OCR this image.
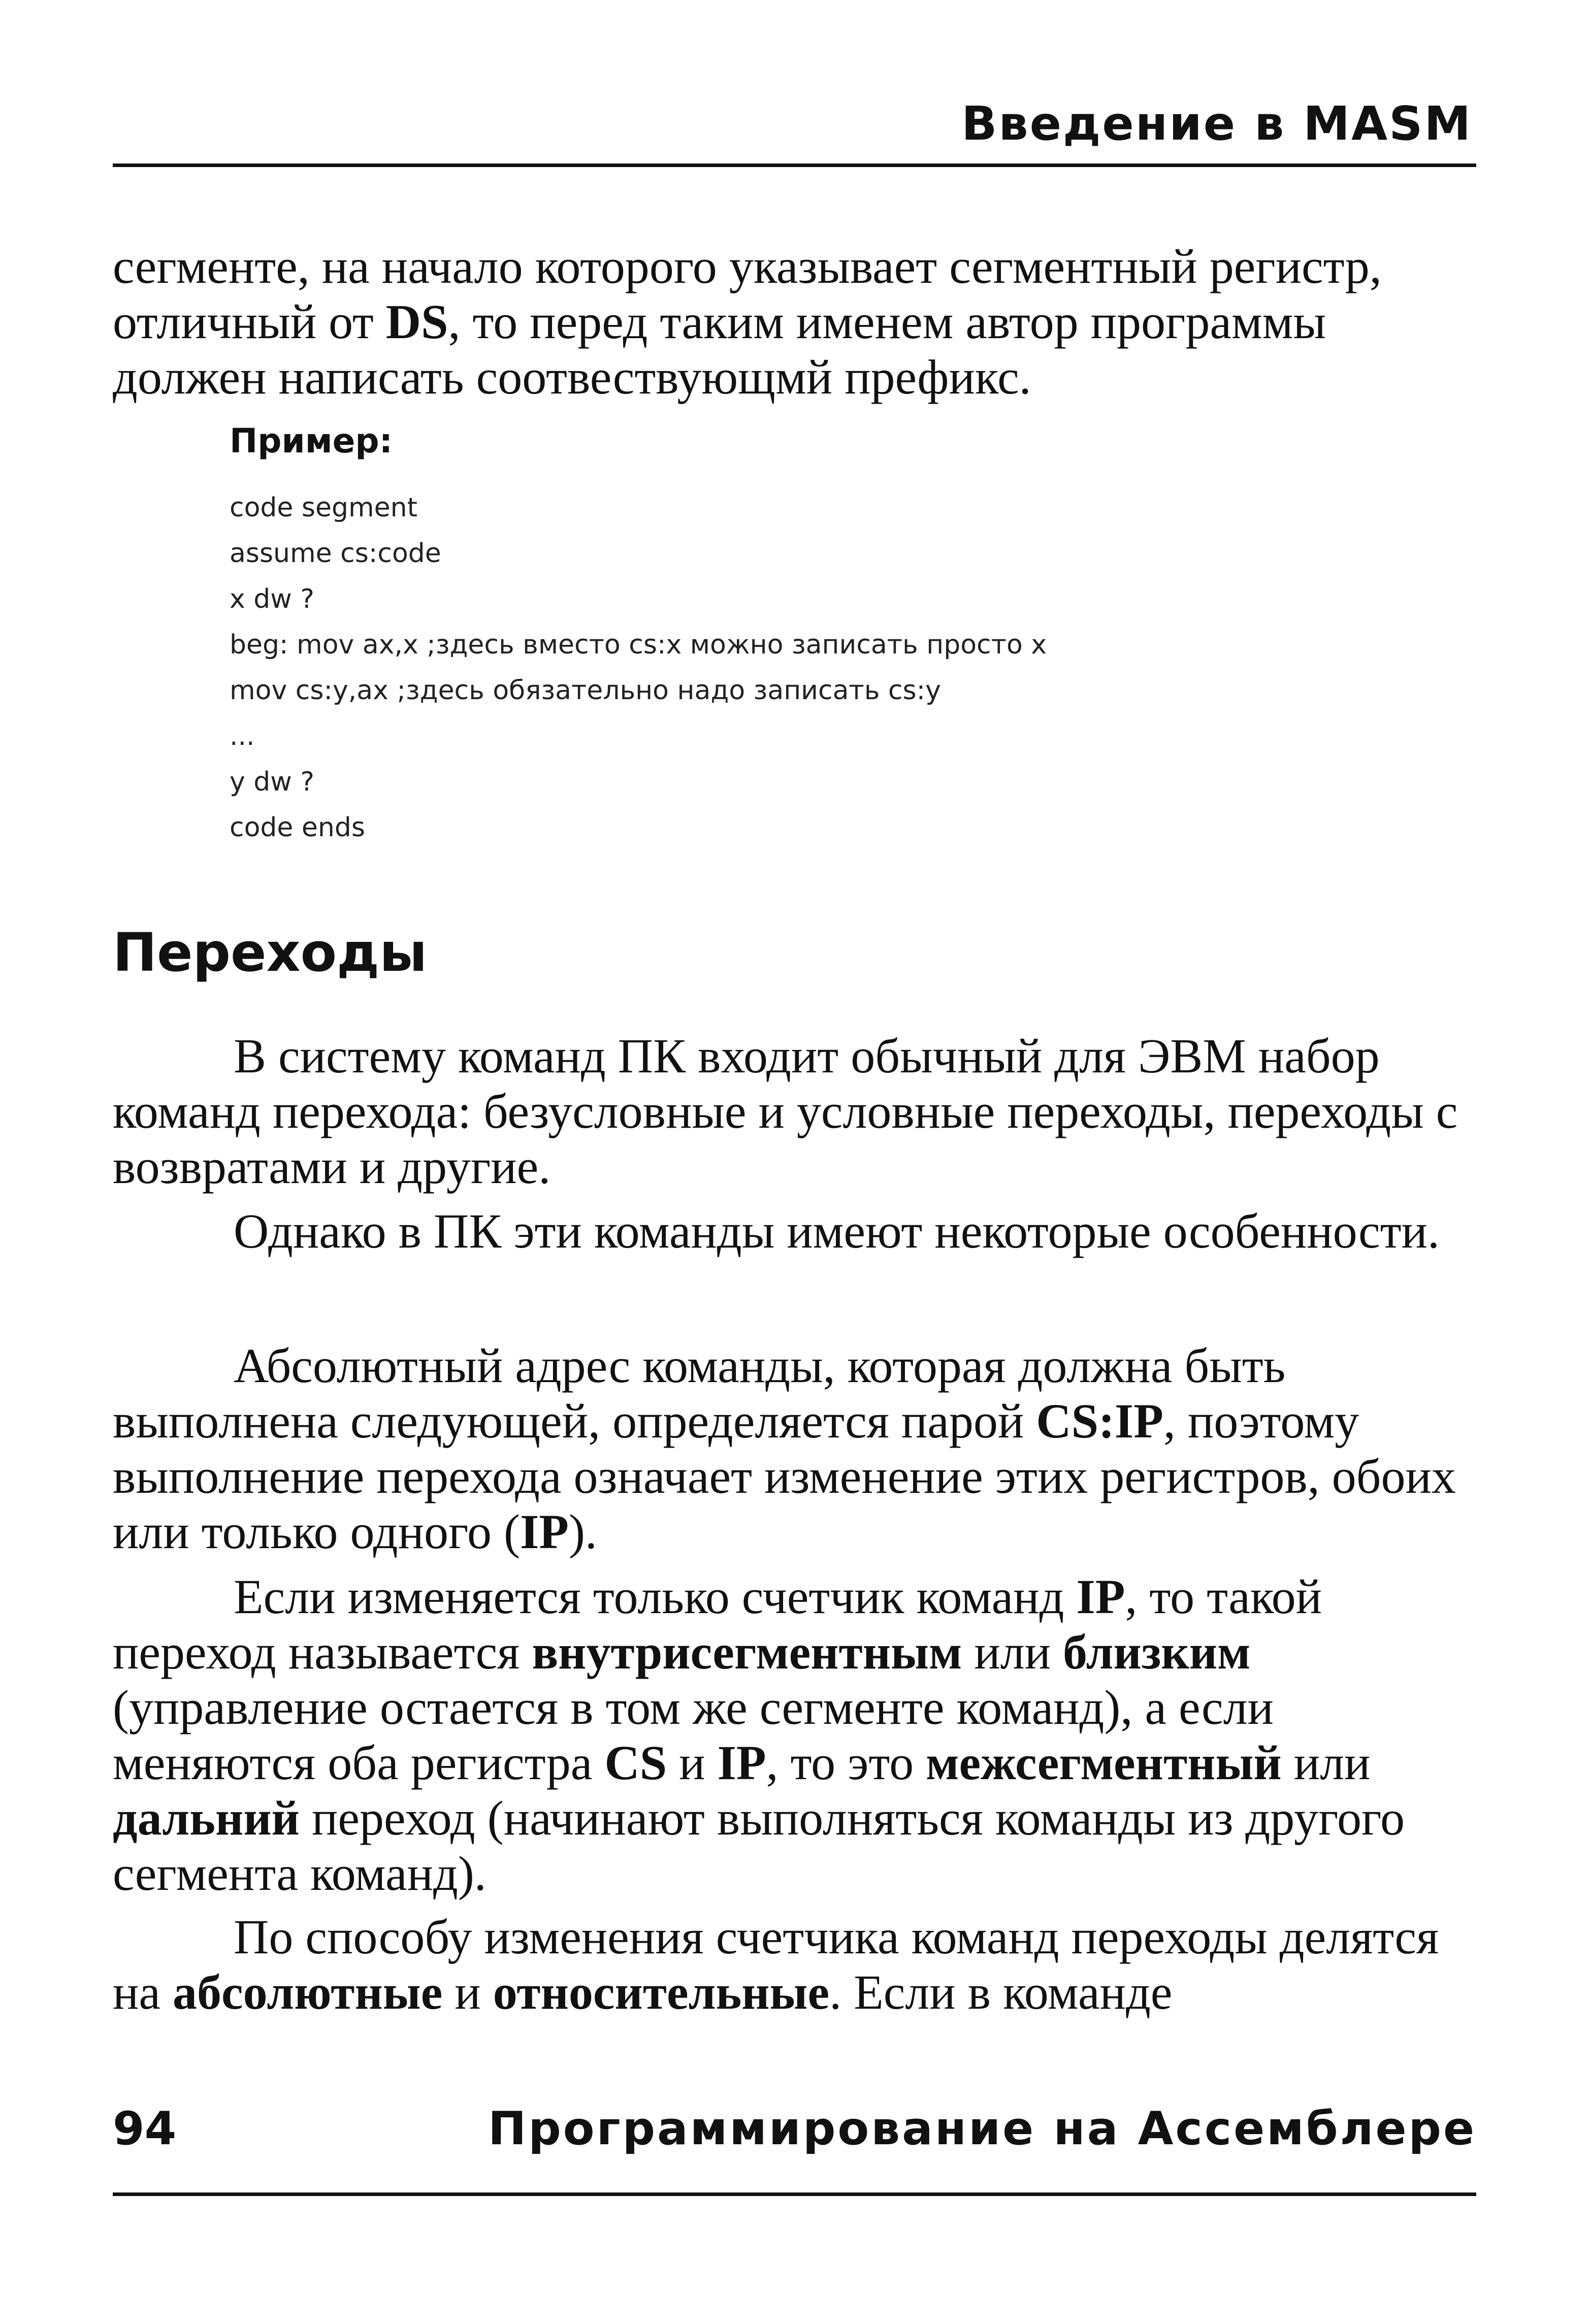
Введение в MASM

сегменте, на начало которого указывает сегментный регистр, отличный от DS, то перед таким именем автор программы должен написать соотвествующмй префикс.

Пример:
code segment
assume cs:code
x dw ?
beg: mov ax,x ;здесь вместо cs:x можно записать просто x
mov cs:y,ax ;здесь обязательно надо записать cs:y
...
y dw ?
code ends
Переходы

В систему команд ПК входит обычный для ЭВМ набор команд перехода: безусловные и условные переходы, переходы с возвратами и другие.

Однако в ПК эти команды имеют некоторые особенности.

Абсолютный адрес команды, которая должна быть выполнена следующей, определяется парой CS:IP, поэтому выполнение перехода означает изменение этих регистров, обоих или только одного (IP).

Если изменяется только счетчик команд IP, то такой переход называется внутрисегментным или близким (управление остается в том же сегменте команд), а если меняются оба регистра CS и IP, то это межсегментный или дальний переход (начинают выполняться команды из другого сегмента команд).

По способу изменения счетчика команд переходы делятся на абсолютные и относительные. Если в команде

94	Программирование на Ассемблере
